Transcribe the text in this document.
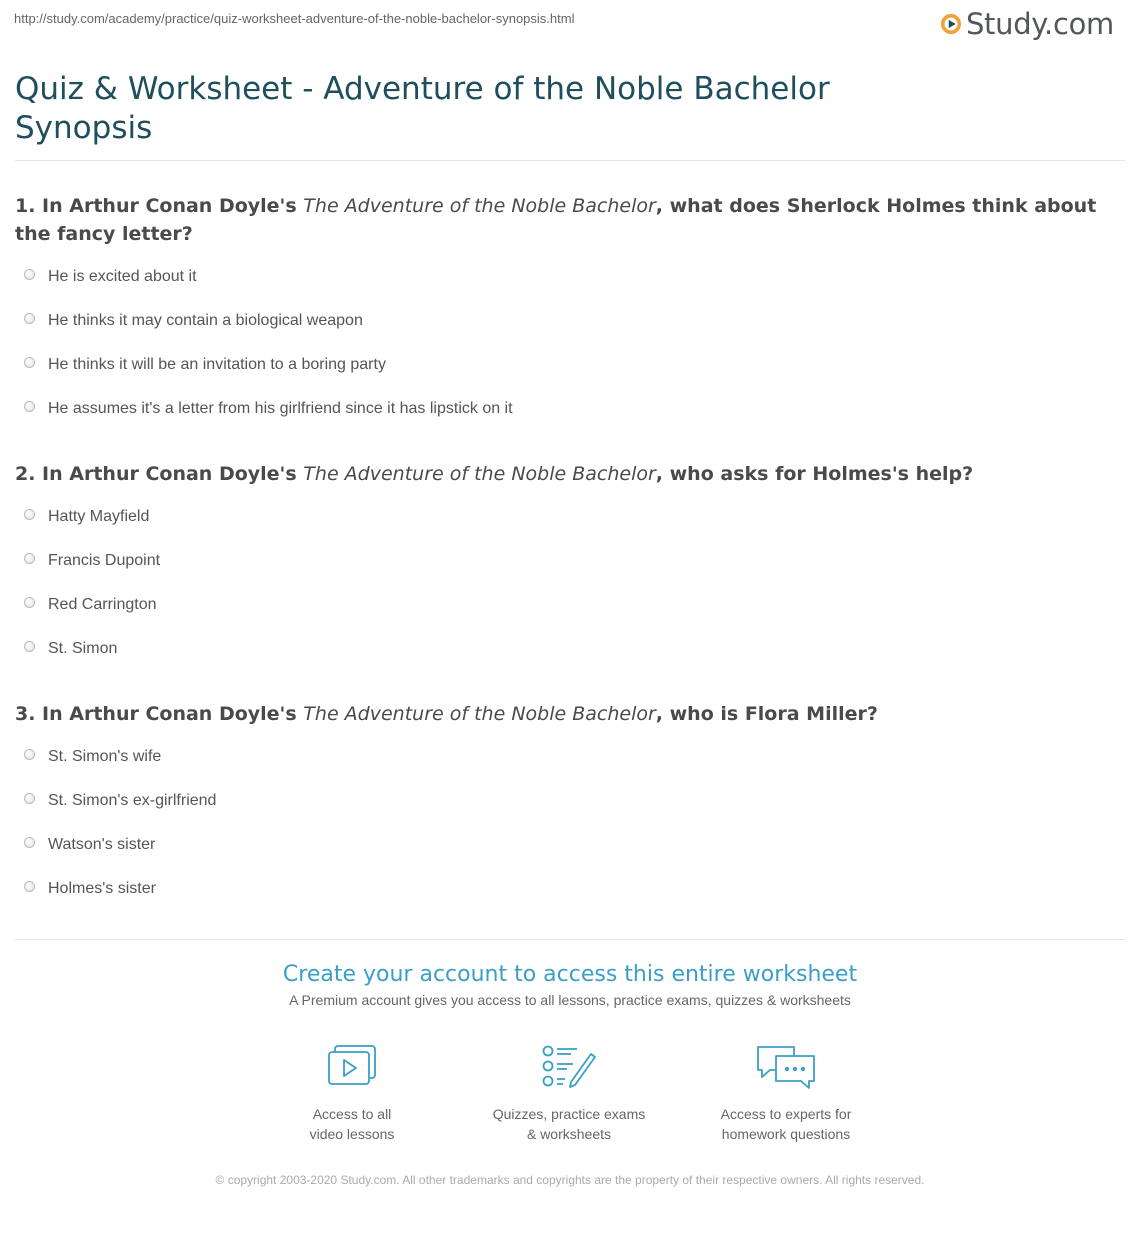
http://study.com/academy/practice/quiz-worksheet-adventure-of-the-noble-bachelor-synopsis.html	Study.com
Quiz & Worksheet - Adventure of the Noble Bachelor Synopsis
1. In Arthur Conan Doyle's The Adventure of the Noble Bachelor, what does Sherlock Holmes think about the fancy letter?
He is excited about it
He thinks it may contain a biological weapon
He thinks it will be an invitation to a boring party
He assumes it's a letter from his girlfriend since it has lipstick on it
2. In Arthur Conan Doyle's The Adventure of the Noble Bachelor, who asks for Holmes's help?
Hatty Mayfield
Francis Dupoint
Red Carrington
St. Simon
3. In Arthur Conan Doyle's The Adventure of the Noble Bachelor, who is Flora Miller?
St. Simon's wife
St. Simon's ex-girlfriend
Watson's sister
Holmes's sister
Create your account to access this entire worksheet
A Premium account gives you access to all lessons, practice exams, quizzes & worksheets
Access to all
video lessons
Quizzes, practice exams
& worksheets
Access to experts for
homework questions
© copyright 2003-2020 Study.com. All other trademarks and copyrights are the property of their respective owners. All rights reserved.
